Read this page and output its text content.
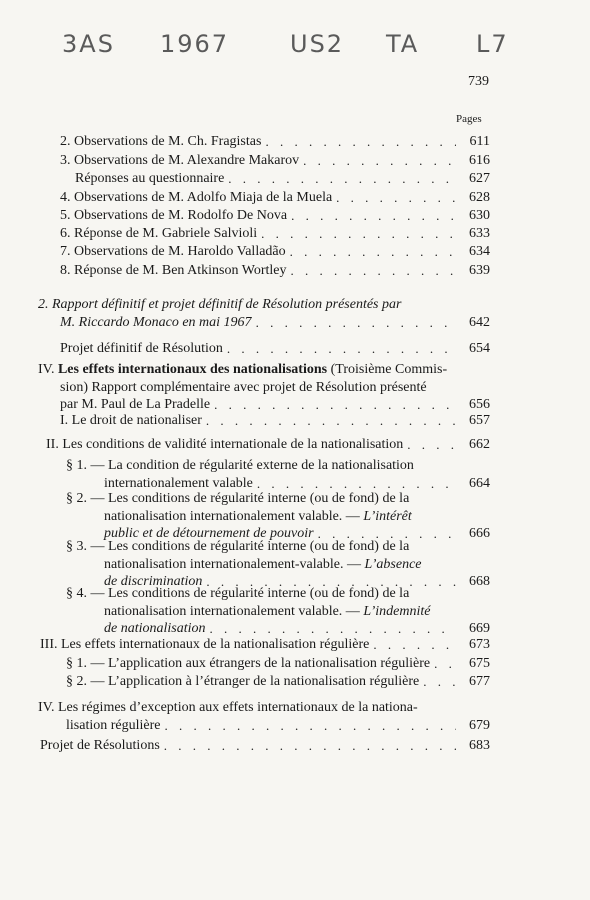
3AS 1967	US2 TA L7
739
Pages
2. Observations de M. Ch. Fragistas . . .	611
3. Observations de M. Alexandre Makarov . . .	616
Réponses au questionnaire . . .	627
4. Observations de M. Adolfo Miaja de la Muela . . .	628
5. Observations de M. Rodolfo De Nova . . .	630
6. Réponse de M. Gabriele Salvioli . . .	633
7. Observations de M. Haroldo Valladão . . .	634
8. Réponse de M. Ben Atkinson Wortley . . .	639
2. Rapport définitif et projet définitif de Résolution présentés par
M. Riccardo Monaco en mai 1967 . . .	642
Projet définitif de Résolution . . .	654
IV. Les effets internationaux des nationalisations (Troisième Commis-
sion) Rapport complémentaire avec projet de Résolution présenté
par M. Paul de La Pradelle . . .	656
I. Le droit de nationaliser . . .	657
II. Les conditions de validité internationale de la nationalisation . . .	662
§ 1. — La condition de régularité externe de la nationalisation
internationalement valable . . .	664
§ 2. — Les conditions de régularité interne (ou de fond) de la
nationalisation internationalement valable. — L’intérêt
public et de détournement de pouvoir . . .	666
§ 3. — Les conditions de régularité interne (ou de fond) de la
nationalisation internationalement-valable. — L’absence
de discrimination . . .	668
§ 4. — Les conditions de régularité interne (ou de fond) de la
nationalisation internationalement valable. — L’indemnité
de nationalisation . . .	669
III. Les effets internationaux de la nationalisation régulière . . .	673
§ 1. — L’application aux étrangers de la nationalisation régulière . . .	675
§ 2. — L’application à l’étranger de la nationalisation régulière . . .	677
IV. Les régimes d’exception aux effets internationaux de la nationa-
lisation régulière . . .	679
Projet de Résolutions . . .	683
